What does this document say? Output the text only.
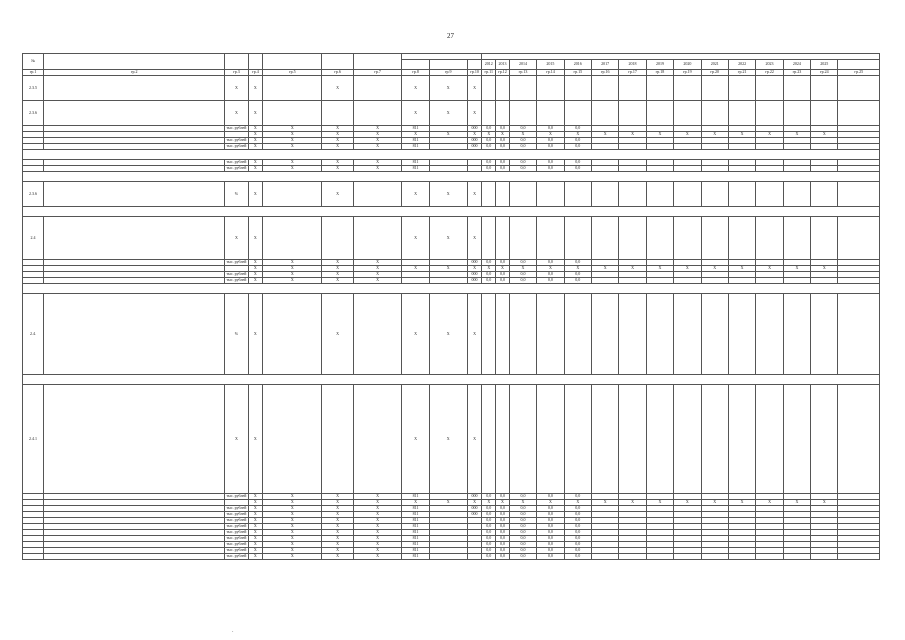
27
№																								
										2012	2013	2014	2015	2016	2017	2018	2019	2020	2021	2022	2023	2024	2025	
гр.1	гр.2	гр.3	гр.4	гр.5	гр.6	гр.7	гр.8	гр.9	гр.10	гр.11	гр.12	гр.13	гр.14	гр.15	гр.16	гр.17	гр.18	гр.19	гр.20	гр.21	гр.22	гр.23	гр.24	гр.25
2.3.5		X	X		X		X	X	X															
2.3.6		X	X				X	X	X															
		тыс. рублей	X	X	X	X	811		000	0,0	0,0	0,0	0,0	0,0										
			X	X	X	X	X	X	X	X	X	X	X	X	X	X	X	X	X	X	X	X	X	
		тыс. рублей	X	X	X	X	811		000	0,0	0,0	0,0	0,0	0,0										
		тыс. рублей	X	X	X	X	811		000	0,0	0,0	0,0	0,0	0,0										

		тыс. рублей	X	X	X	X	811			0,0	0,0	0,0	0,0	0,0										
		тыс. рублей	X	X	X	X	811			0,0	0,0	0,0	0,0	0,0										

2.3.6		%	X		X		X	X	X															

2.4		X	X				X	X	X															
		тыс. рублей	X	X	X	X			000	0,0	0,0	0,0	0,0	0,0										
			X	X	X	X	X	X	X	X	X	X	X	X	X	X	X	X	X	X	X	X	X	
		тыс. рублей	X	X	X	X			000	0,0	0,0	0,0	0,0	0,0										
		тыс. рублей	X	X	X	X			000	0,0	0,0	0,0	0,0	0,0										

2.4.		%	X		X		X	X	X															

2.4.1		X	X				X	X	X															
		тыс. рублей	X	X	X	X	811		000	0,0	0,0	0,0	0,0	0,0										
			X	X	X	X	X	X	X	X	X	X	X	X	X	X	X	X	X	X	X	X	X	
		тыс. рублей	X	X	X	X	811		000	0,0	0,0	0,0	0,0	0,0										
		тыс. рублей	X	X	X	X	811		000	0,0	0,0	0,0	0,0	0,0										
		тыс. рублей	X	X	X	X	811			0,0	0,0	0,0	0,0	0,0										
		тыс. рублей	X	X	X	X	811			0,0	0,0	0,0	0,0	0,0										
		тыс. рублей	X	X	X	X	811			0,0	0,0	0,0	0,0	0,0										
		тыс. рублей	X	X	X	X	811			0,0	0,0	0,0	0,0	0,0										
		тыс. рублей	X	X	X	X	811			0,0	0,0	0,0	0,0	0,0										
		тыс. рублей	X	X	X	X	811			0,0	0,0	0,0	0,0	0,0										
		тыс. рублей	X	X	X	X	811			0,0	0,0	0,0	0,0	0,0										
.
